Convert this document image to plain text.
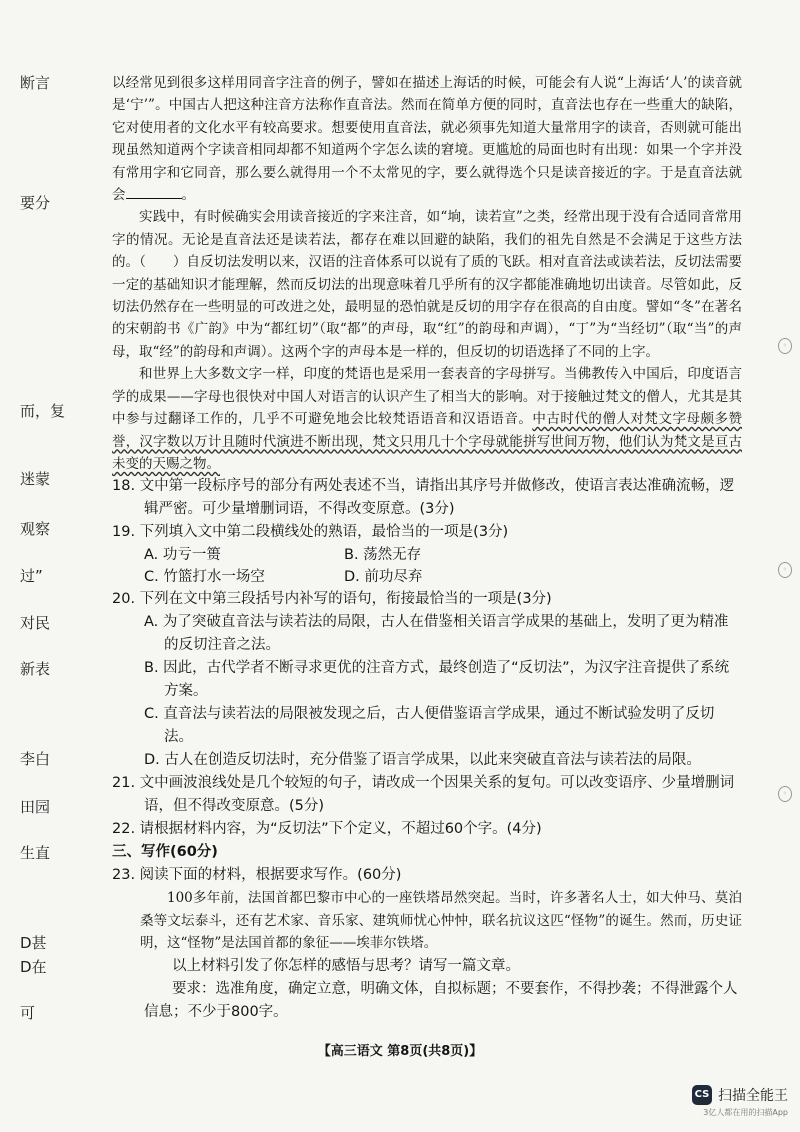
断言
要分
而，复
迷蒙
观察
过”
对民
新表
李白
田园
生直
D甚
D在
可
◦
◦
◦

以经常见到很多这样用同音字注音的例子，譬如在描述上海话的时候，可能会有人说“上海话‘人’的读音就是‘宁’”。中国古人把这种注音方法称作直音法。然而在简单方便的同时，直音法也存在一些重大的缺陷，它对使用者的文化水平有较高要求。想要使用直音法，就必须事先知道大量常用字的读音，否则就可能出现虽然知道两个字读音相同却都不知道两个字怎么读的窘境。更尴尬的局面也时有出现：如果一个字并没有常用字和它同音，那么要么就得用一个不太常见的字，要么就得选个只是读音接近的字。于是直音法就会	。

实践中，有时候确实会用读音接近的字来注音，如“垧，读若宣”之类，经常出现于没有合适同音常用字的情况。无论是直音法还是读若法，都存在难以回避的缺陷，我们的祖先自然是不会满足于这些方法的。（　　）自反切法发明以来，汉语的注音体系可以说有了质的飞跃。相对直音法或读若法，反切法需要一定的基础知识才能理解，然而反切法的出现意味着几乎所有的汉字都能准确地切出读音。尽管如此，反切法仍然存在一些明显的可改进之处，最明显的恐怕就是反切的用字存在很高的自由度。譬如“冬”在著名的宋朝韵书《广韵》中为“都红切”（取“都”的声母，取“红”的韵母和声调），“丁”为“当经切”（取“当”的声母，取“经”的韵母和声调）。这两个字的声母本是一样的，但反切的切语选择了不同的上字。

和世界上大多数文字一样，印度的梵语也是采用一套表音的字母拼写。当佛教传入中国后，印度语言学的成果——字母也很快对中国人对语言的认识产生了相当大的影响。对于接触过梵文的僧人，尤其是其中参与过翻译工作的，几乎不可避免地会比较梵语语音和汉语语音。中古时代的僧人对梵文字母颇多赞誉，汉字数以万计且随时代演进不断出现，梵文只用几十个字母就能拼写世间万物，他们认为梵文是亘古未变的天赐之物。

18. 文中第一段标序号的部分有两处表述不当，请指出其序号并做修改，使语言表达准确流畅，逻辑严密。可少量增删词语，不得改变原意。(3分)

19. 下列填入文中第二段横线处的熟语，最恰当的一项是(3分)

A. 功亏一篑	B. 荡然无存
C. 竹篮打水一场空	D. 前功尽弃

20. 下列在文中第三段括号内补写的语句，衔接最恰当的一项是(3分)

A. 为了突破直音法与读若法的局限，古人在借鉴相关语言学成果的基础上，发明了更为精准的反切注音之法。

B. 因此，古代学者不断寻求更优的注音方式，最终创造了“反切法”，为汉字注音提供了系统方案。

C. 直音法与读若法的局限被发现之后，古人便借鉴语言学成果，通过不断试验发明了反切法。

D. 古人在创造反切法时，充分借鉴了语言学成果，以此来突破直音法与读若法的局限。

21. 文中画波浪线处是几个较短的句子，请改成一个因果关系的复句。可以改变语序、少量增删词语，但不得改变原意。(5分)

22. 请根据材料内容，为“反切法”下个定义，不超过60个字。(4分)

三、写作(60分)

23. 阅读下面的材料，根据要求写作。(60分)

100多年前，法国首都巴黎市中心的一座铁塔昂然突起。当时，许多著名人士，如大仲马、莫泊桑等文坛泰斗，还有艺术家、音乐家、建筑师忧心忡忡，联名抗议这匹“怪物”的诞生。然而，历史证明，这“怪物”是法国首都的象征——埃菲尔铁塔。

以上材料引发了你怎样的感悟与思考？请写一篇文章。

要求：选准角度，确定立意，明确文体，自拟标题；不要套作，不得抄袭；不得泄露个人信息；不少于800字。

【高三语文 第8页(共8页)】
CS 扫描全能王
3亿人都在用的扫描App
